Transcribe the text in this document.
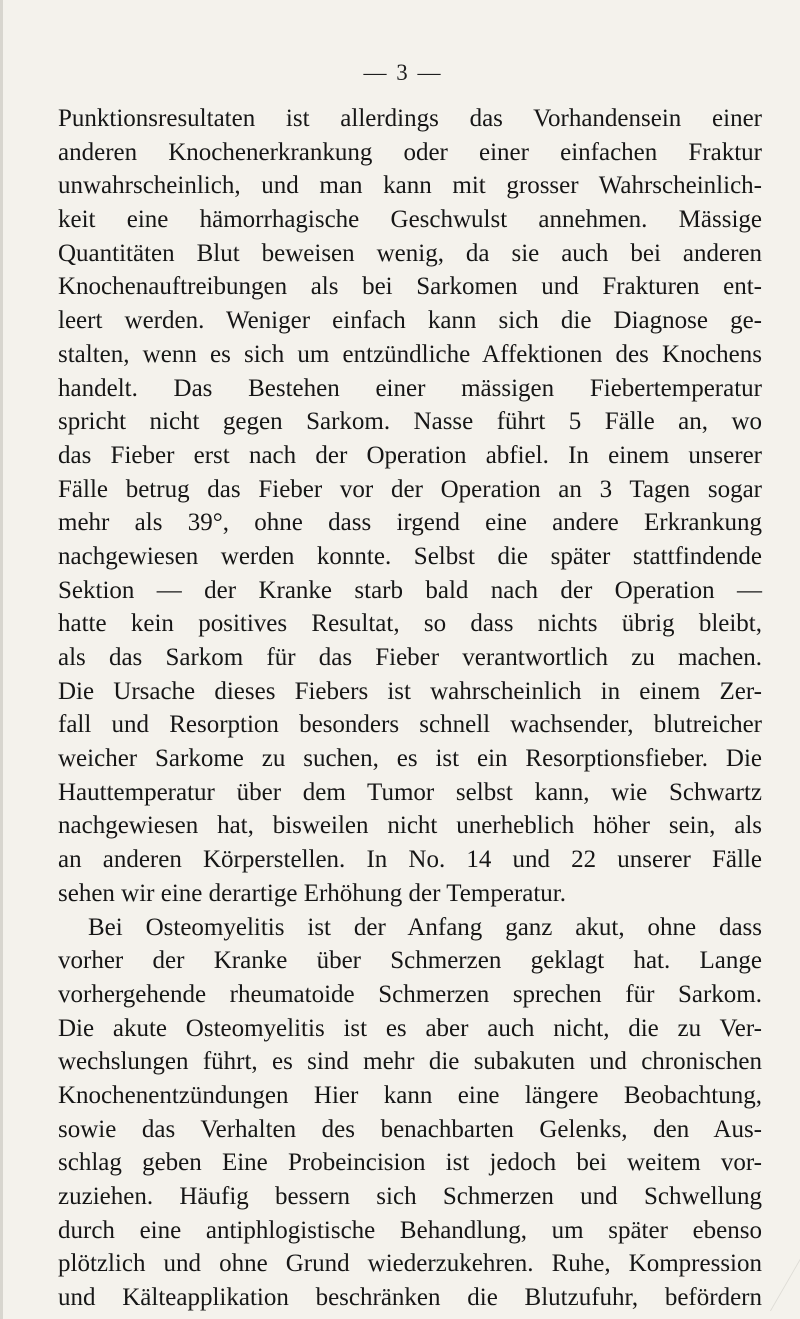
— 3 —
Punktionsresultaten ist allerdings das Vorhandensein einer
anderen Knochenerkrankung oder einer einfachen Fraktur
unwahrscheinlich, und man kann mit grosser Wahrscheinlich-
keit eine hämorrhagische Geschwulst annehmen. Mässige
Quantitäten Blut beweisen wenig, da sie auch bei anderen
Knochenauftreibungen als bei Sarkomen und Frakturen ent-
leert werden. Weniger einfach kann sich die Diagnose ge-
stalten, wenn es sich um entzündliche Affektionen des Knochens
handelt. Das Bestehen einer mässigen Fiebertemperatur
spricht nicht gegen Sarkom. Nasse führt 5 Fälle an, wo
das Fieber erst nach der Operation abfiel. In einem unserer
Fälle betrug das Fieber vor der Operation an 3 Tagen sogar
mehr als 39°, ohne dass irgend eine andere Erkrankung
nachgewiesen werden konnte. Selbst die später stattfindende
Sektion — der Kranke starb bald nach der Operation —
hatte kein positives Resultat, so dass nichts übrig bleibt,
als das Sarkom für das Fieber verantwortlich zu machen.
Die Ursache dieses Fiebers ist wahrscheinlich in einem Zer-
fall und Resorption besonders schnell wachsender, blutreicher
weicher Sarkome zu suchen, es ist ein Resorptionsfieber. Die
Hauttemperatur über dem Tumor selbst kann, wie Schwartz
nachgewiesen hat, bisweilen nicht unerheblich höher sein, als
an anderen Körperstellen. In No. 14 und 22 unserer Fälle
sehen wir eine derartige Erhöhung der Temperatur.
Bei Osteomyelitis ist der Anfang ganz akut, ohne dass
vorher der Kranke über Schmerzen geklagt hat. Lange
vorhergehende rheumatoide Schmerzen sprechen für Sarkom.
Die akute Osteomyelitis ist es aber auch nicht, die zu Ver-
wechslungen führt, es sind mehr die subakuten und chronischen
Knochenentzündungen Hier kann eine längere Beobachtung,
sowie das Verhalten des benachbarten Gelenks, den Aus-
schlag geben Eine Probeincision ist jedoch bei weitem vor-
zuziehen. Häufig bessern sich Schmerzen und Schwellung
durch eine antiphlogistische Behandlung, um später ebenso
plötzlich und ohne Grund wiederzukehren. Ruhe, Kompression
und Kälteapplikation beschränken die Blutzufuhr, befördern
